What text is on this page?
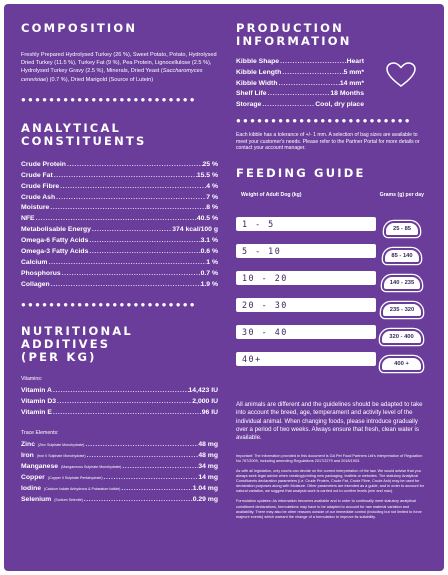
COMPOSITION

Freshly Prepared Hydrolysed Turkey (26 %), Sweet Potato, Potato, Hydrolysed Dried Turkey (11.5 %), Turkey Fat (9 %), Pea Protein, Lignocellulose (2.5 %), Hydrolysed Turkey Gravy (2.5 %), Minerals, Dried Yeast (Saccharomyces cerevisiae) (0.7 %), Dried Marigold (Source of Lutein)

●●●●●●●●●●●●●●●●●●●●●●●●●
ANALYTICAL
CONSTITUENTS
Crude Protein .....	25 %
Crude Fat .....	15.5 %
Crude Fibre .....	4 %
Crude Ash .....	7 %
Moisture .....	8 %
NFE .....	40.5 %
Metabolisable Energy .....	374 kcal/100 g
Omega-6 Fatty Acids .....	3.1 %
Omega-3 Fatty Acids .....	0.6 %
Calcium .....	1 %
Phosphorus .....	0.7 %
Collagen .....	1.9 %
●●●●●●●●●●●●●●●●●●●●●●●●●
NUTRITIONAL ADDITIVES
(PER KG)
Vitamins:
Vitamin A .....	14,423 IU
Vitamin D3 .....	2,000 IU
Vitamin E .....	96 IU
Trace Elements:
Zinc (Zinc Sulphate Monohydrate) .....	48 mg
Iron (Iron II Sulphate Monohydrate) .....	48 mg
Manganese (Manganeous Sulphate Monohydrate) .....	34 mg
Copper (Copper II Sulphate Pentahydrate) .....	14 mg
Iodine (Calcium Iodate Anhydrous & Potassium Iodide) .....	1.04 mg
Selenium (Sodium Selenite) .....	0.29 mg
PRODUCTION
INFORMATION
Kibble Shape .....	Heart
Kibble Length .....	5 mm*
Kibble Width .....	14 mm*
Shelf Life .....	18 Months
Storage .....	Cool, dry place
●●●●●●●●●●●●●●●●●●●●●●●●●

Each kibble has a tolerance of +/- 1 mm. A selection of bag sizes are available to meet your customer's needs. Please refer to the Partner Portal for more details or contact your account manager.

FEEDING GUIDE
Weight of Adult Dog (kg)	Grams (g) per day
1 - 5	25 - 85
5 - 10	85 - 140
10 - 20	140 - 235
20 - 30	235 - 320
30 - 40	320 - 400
40+	400 +

All animals are different and the guidelines should be adapted to take into account the breed, age, temperament and activity level of the individual animal. When changing foods, please introduce gradually over a period of two weeks. Always ensure that fresh, clean water is available.

Important: The information provided in this document is GA Pet Food Partners Ltd's interpretation of Regulation No 767/2009, including amending Regulations 2017/2279 and 2018/1903.

As with all legislation, only courts can decide on the correct interpretation of the law. We would advise that you always seek legal advice when creating/printing new packaging, leaflets or websites. The statutory Analytical Constituents declaration parameters (i.e. Crude Protein, Crude Fat, Crude Fibre, Crude Ash) may be used for declaration purposes along with Moisture. Other parameters are intended as a guide, and in order to account for natural variation, we suggest that analysis work is carried out to confirm levels (min and max).

Formulation updates: As information becomes available and in order to continually meet statutory analytical constituent declarations, formulations may have to be adapted to account for raw material variation and availability. There may also be other reasons outside of our immediate control (including but not limited to force majeure events) which warrant the change of a formulation to improve its suitability.
